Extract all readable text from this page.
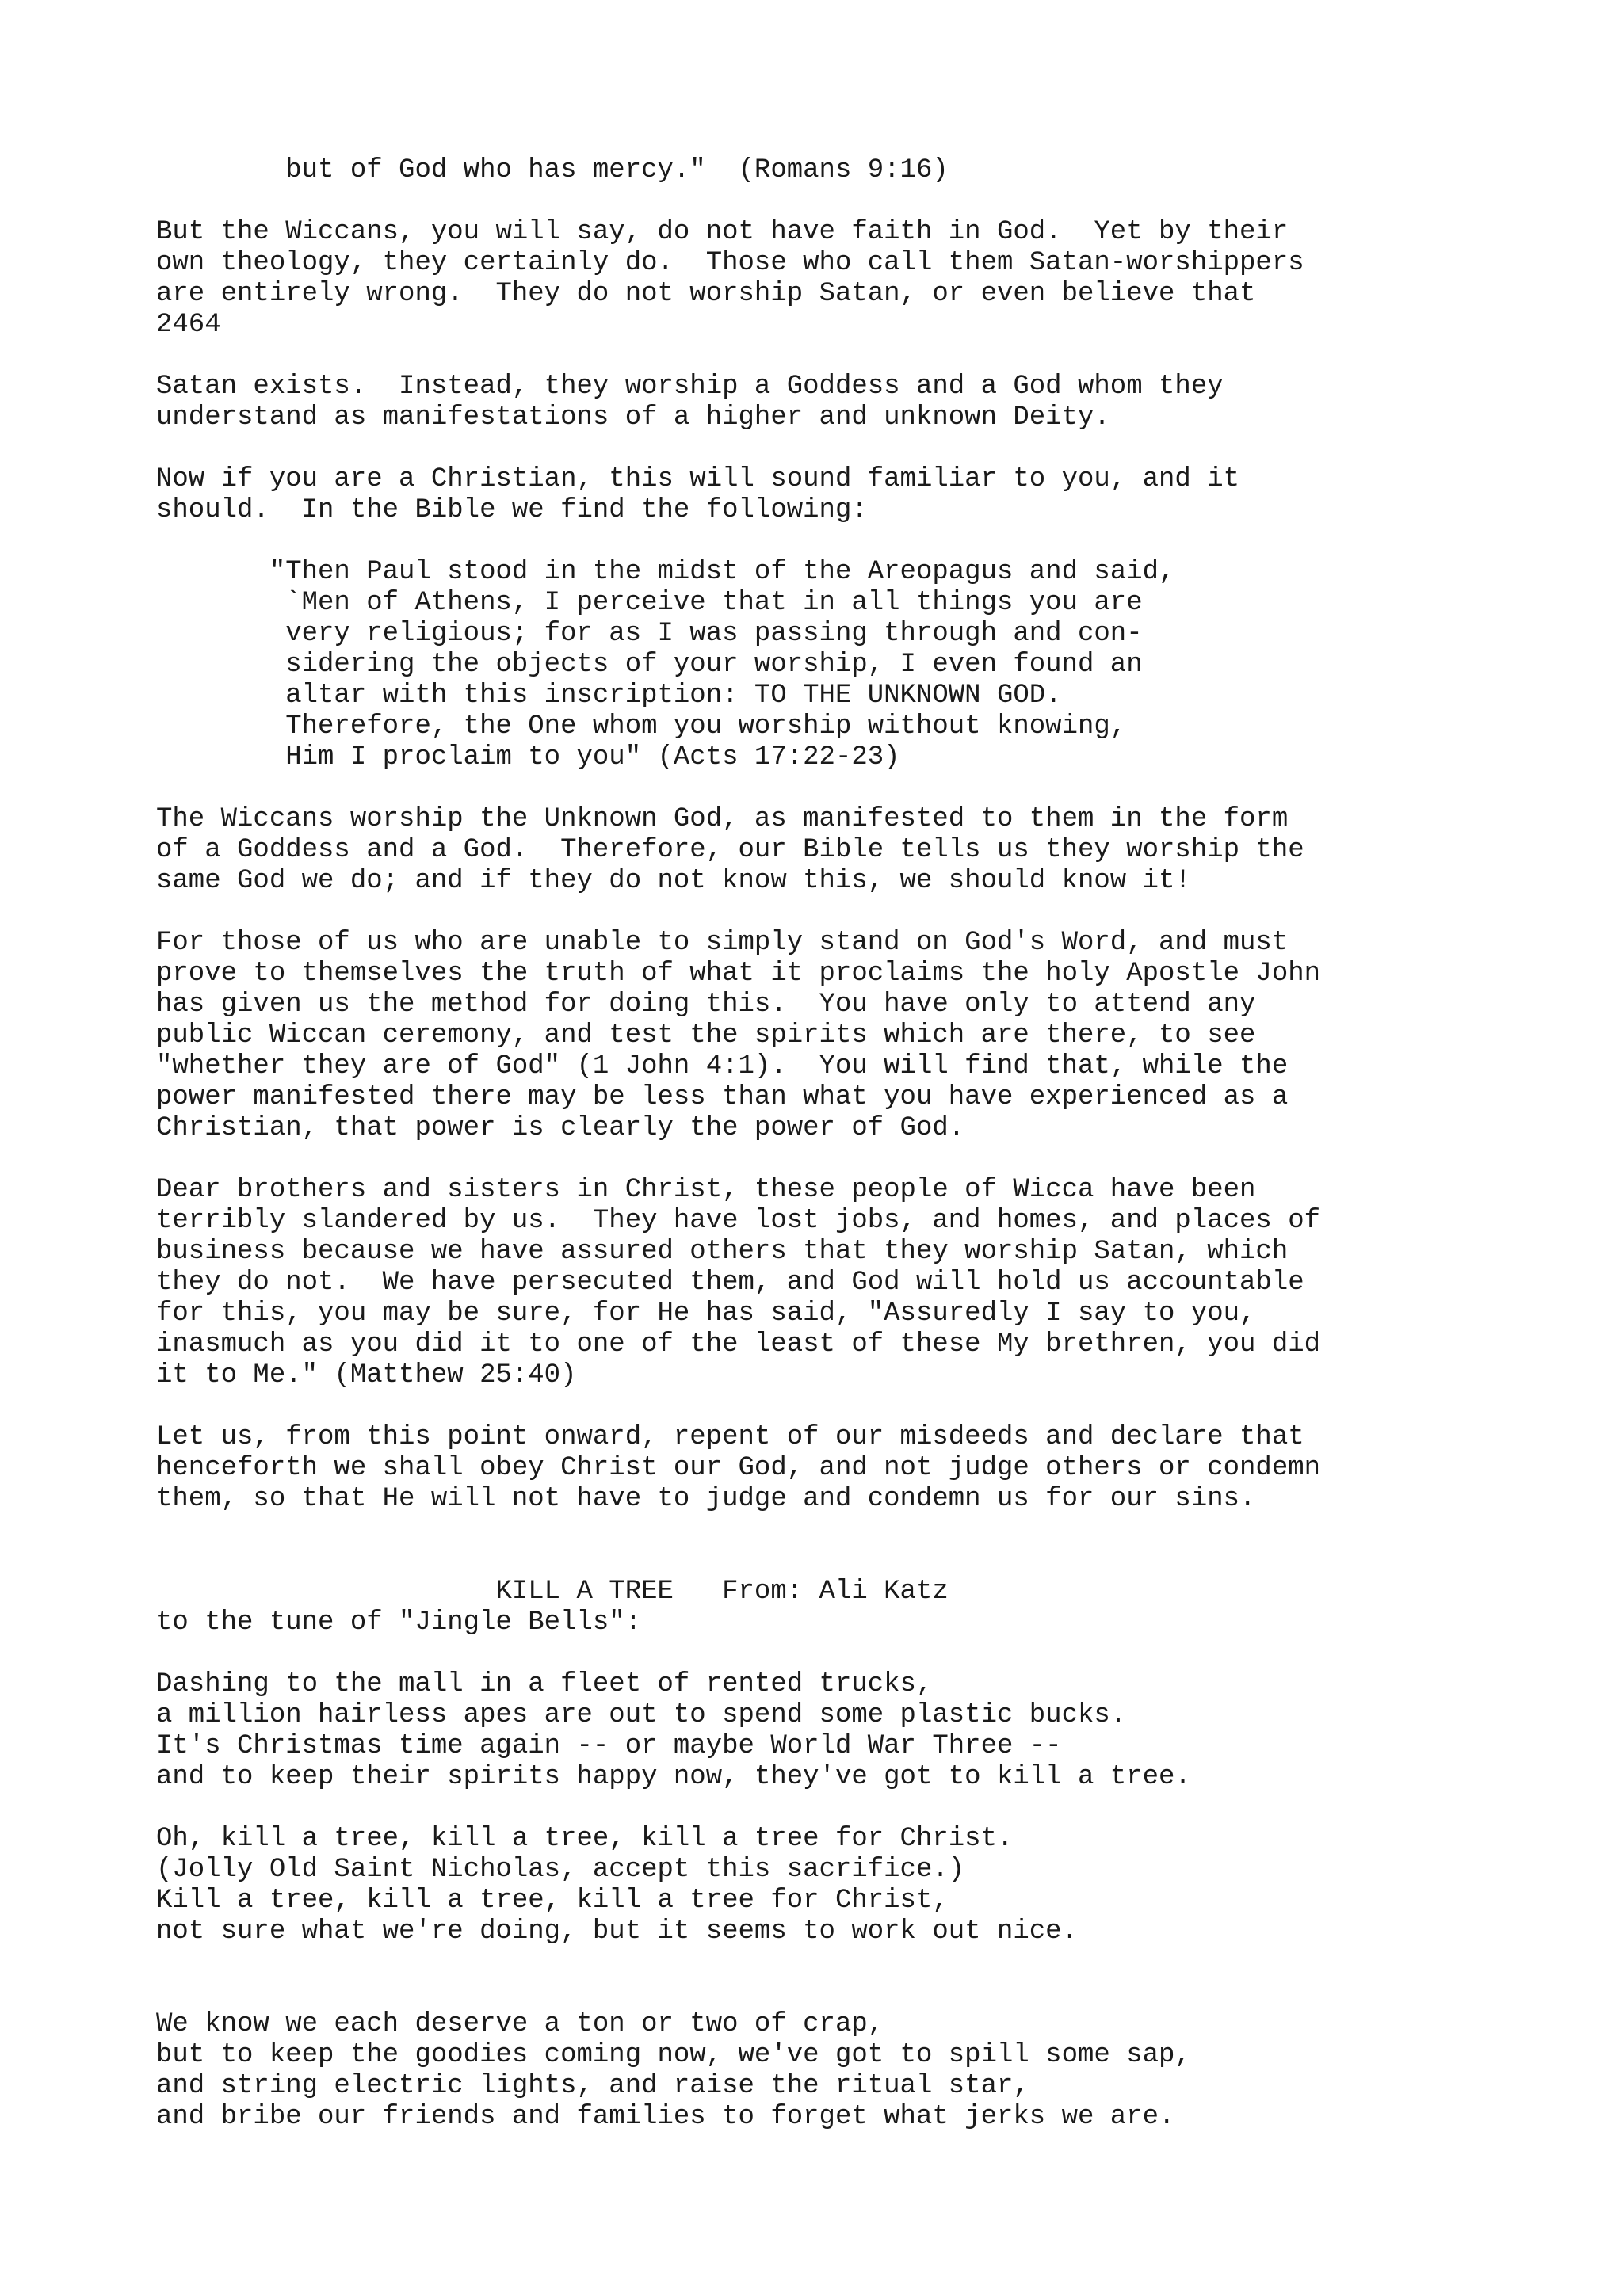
but of God who has mercy."  (Romans 9:16)
But the Wiccans, you will say, do not have faith in God.  Yet by their
own theology, they certainly do.  Those who call them Satan-worshippers
are entirely wrong.  They do not worship Satan, or even believe that
2464
Satan exists.  Instead, they worship a Goddess and a God whom they
understand as manifestations of a higher and unknown Deity.
Now if you are a Christian, this will sound familiar to you, and it
should.  In the Bible we find the following:
"Then Paul stood in the midst of the Areopagus and said,
`Men of Athens, I perceive that in all things you are
very religious; for as I was passing through and con-
sidering the objects of your worship, I even found an
altar with this inscription: TO THE UNKNOWN GOD.
Therefore, the One whom you worship without knowing,
Him I proclaim to you" (Acts 17:22-23)
The Wiccans worship the Unknown God, as manifested to them in the form
of a Goddess and a God.  Therefore, our Bible tells us they worship the
same God we do; and if they do not know this, we should know it!
For those of us who are unable to simply stand on God's Word, and must
prove to themselves the truth of what it proclaims the holy Apostle John
has given us the method for doing this.  You have only to attend any
public Wiccan ceremony, and test the spirits which are there, to see
"whether they are of God" (1 John 4:1).  You will find that, while the
power manifested there may be less than what you have experienced as a
Christian, that power is clearly the power of God.
Dear brothers and sisters in Christ, these people of Wicca have been
terribly slandered by us.  They have lost jobs, and homes, and places of
business because we have assured others that they worship Satan, which
they do not.  We have persecuted them, and God will hold us accountable
for this, you may be sure, for He has said, "Assuredly I say to you,
inasmuch as you did it to one of the least of these My brethren, you did
it to Me." (Matthew 25:40)
Let us, from this point onward, repent of our misdeeds and declare that
henceforth we shall obey Christ our God, and not judge others or condemn
them, so that He will not have to judge and condemn us for our sins.
KILL A TREE   From: Ali Katz
to the tune of "Jingle Bells":
Dashing to the mall in a fleet of rented trucks,
a million hairless apes are out to spend some plastic bucks.
It's Christmas time again -- or maybe World War Three --
and to keep their spirits happy now, they've got to kill a tree.
Oh, kill a tree, kill a tree, kill a tree for Christ.
(Jolly Old Saint Nicholas, accept this sacrifice.)
Kill a tree, kill a tree, kill a tree for Christ,
not sure what we're doing, but it seems to work out nice.
We know we each deserve a ton or two of crap,
but to keep the goodies coming now, we've got to spill some sap,
and string electric lights, and raise the ritual star,
and bribe our friends and families to forget what jerks we are.
